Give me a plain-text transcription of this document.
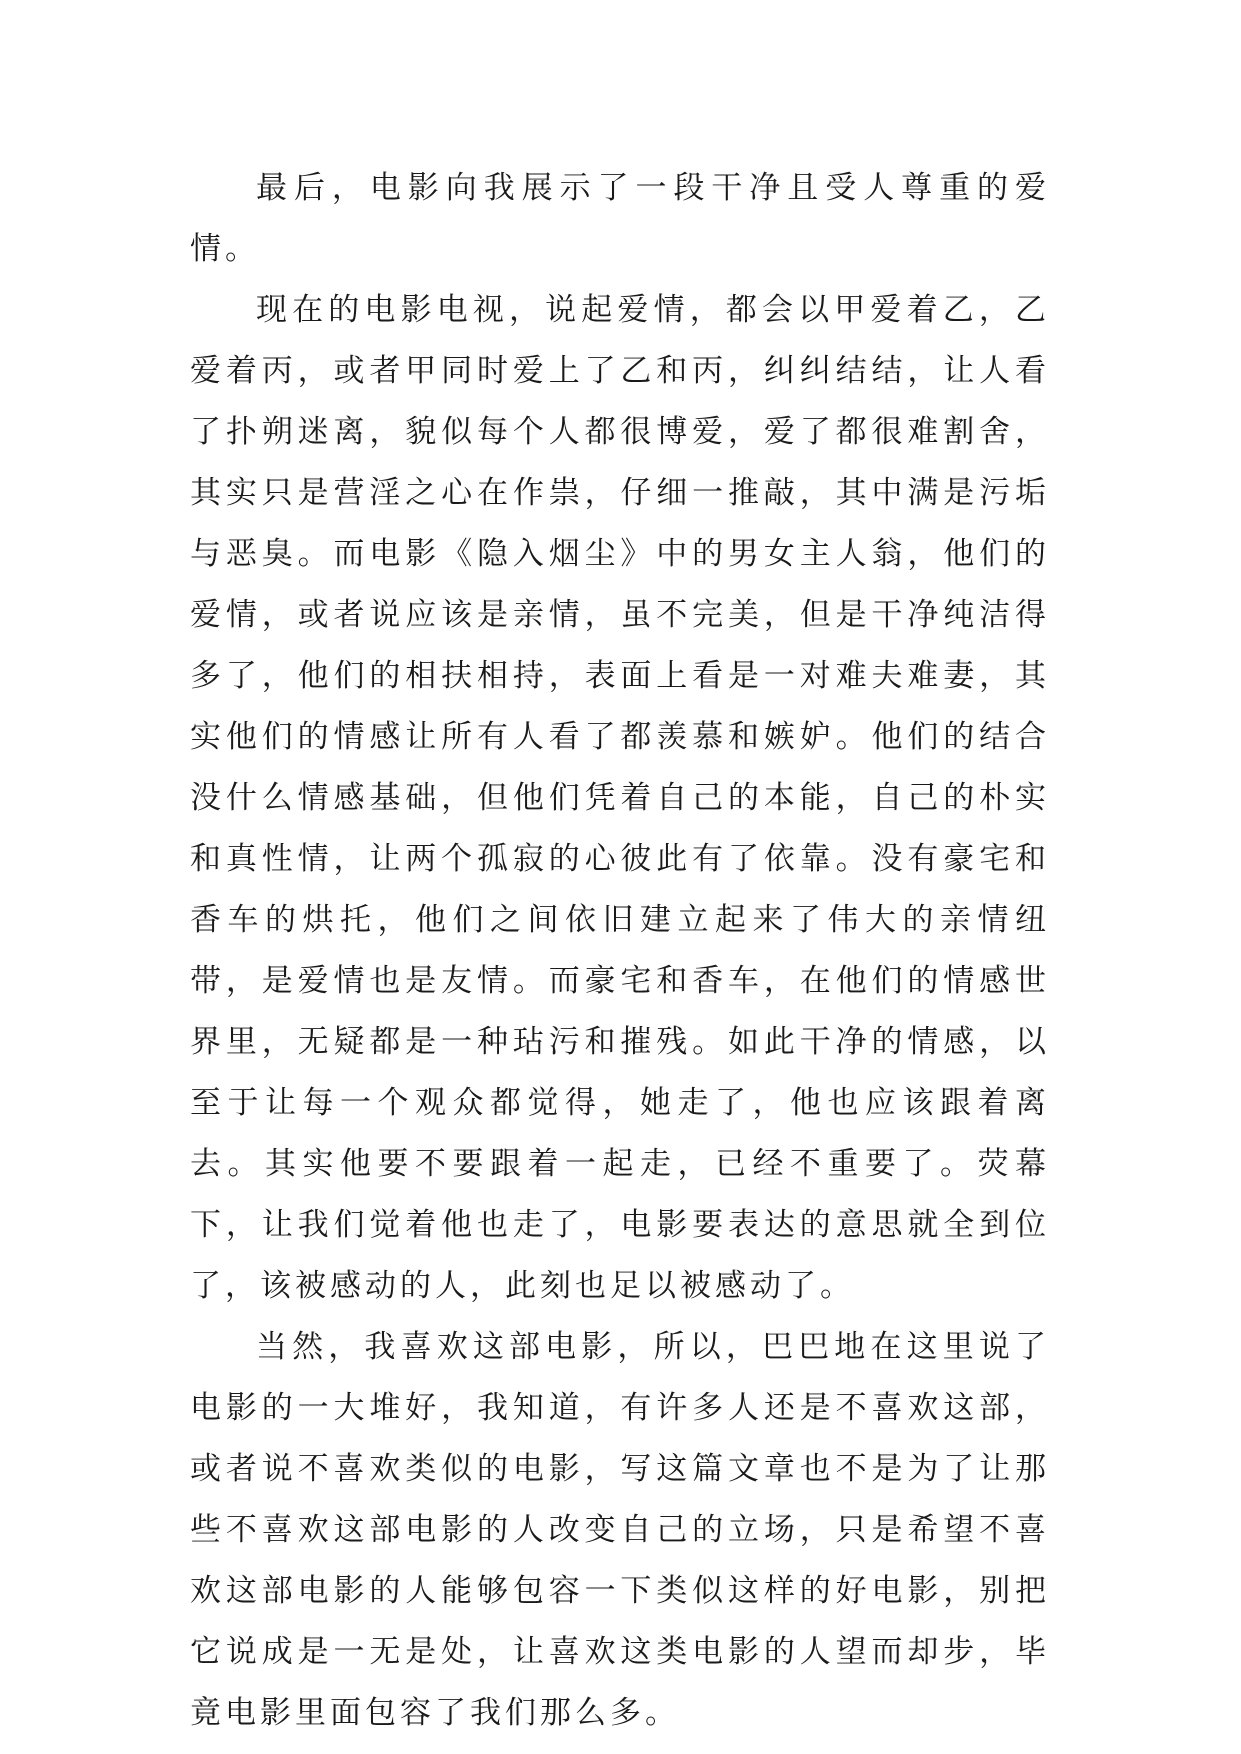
最后，电影向我展示了一段干净且受人尊重的爱情。

现在的电影电视，说起爱情，都会以甲爱着乙，乙爱着丙，或者甲同时爱上了乙和丙，纠纠结结，让人看了扑朔迷离，貌似每个人都很博爱，爱了都很难割舍，其实只是营淫之心在作祟，仔细一推敲，其中满是污垢与恶臭。而电影《隐入烟尘》中的男女主人翁，他们的爱情，或者说应该是亲情，虽不完美，但是干净纯洁得多了，他们的相扶相持，表面上看是一对难夫难妻，其实他们的情感让所有人看了都羡慕和嫉妒。他们的结合没什么情感基础，但他们凭着自己的本能，自己的朴实和真性情，让两个孤寂的心彼此有了依靠。没有豪宅和香车的烘托，他们之间依旧建立起来了伟大的亲情纽带，是爱情也是友情。而豪宅和香车，在他们的情感世界里，无疑都是一种玷污和摧残。如此干净的情感，以至于让每一个观众都觉得，她走了，他也应该跟着离去。其实他要不要跟着一起走，已经不重要了。荧幕下，让我们觉着他也走了，电影要表达的意思就全到位了，该被感动的人，此刻也足以被感动了。

当然，我喜欢这部电影，所以，巴巴地在这里说了电影的一大堆好，我知道，有许多人还是不喜欢这部，或者说不喜欢类似的电影，写这篇文章也不是为了让那些不喜欢这部电影的人改变自己的立场，只是希望不喜欢这部电影的人能够包容一下类似这样的好电影，别把它说成是一无是处，让喜欢这类电影的人望而却步，毕竟电影里面包容了我们那么多。
